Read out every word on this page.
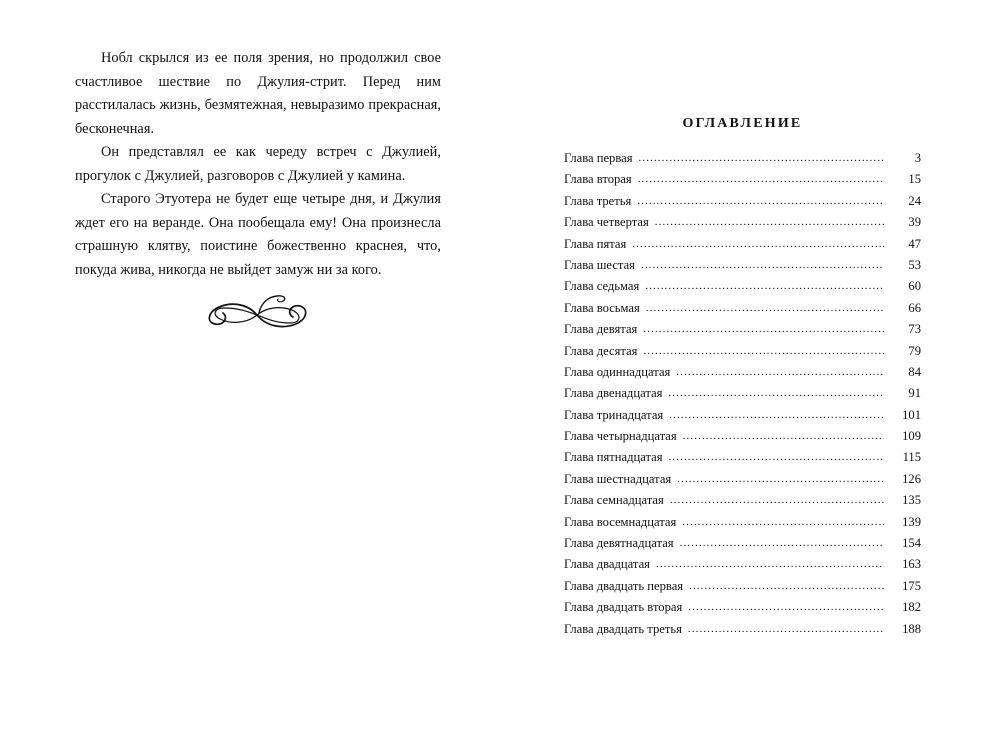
Нобл скрылся из ее поля зрения, но продолжил свое счастливое шествие по Джулия-стрит. Перед ним расстилалась жизнь, безмятежная, невыразимо прекрасная, бесконечная.

Он представлял ее как череду встреч с Джулией, прогулок с Джулией, разговоров с Джулией у камина.

Старого Этуотера не будет еще четыре дня, и Джулия ждет его на веранде. Она пообещала ему! Она произнесла страшную клятву, поистине божественно краснея, что, покуда жива, никогда не выйдет замуж ни за кого.

ОГЛАВЛЕНИЕ
Глава первая .....	3
Глава вторая .....	15
Глава третья .....	24
Глава четвертая .....	39
Глава пятая .....	47
Глава шестая .....	53
Глава седьмая .....	60
Глава восьмая .....	66
Глава девятая .....	73
Глава десятая .....	79
Глава одиннадцатая .....	84
Глава двенадцатая .....	91
Глава тринадцатая .....	101
Глава четырнадцатая .....	109
Глава пятнадцатая .....	115
Глава шестнадцатая .....	126
Глава семнадцатая .....	135
Глава восемнадцатая .....	139
Глава девятнадцатая .....	154
Глава двадцатая .....	163
Глава двадцать первая .....	175
Глава двадцать вторая .....	182
Глава двадцать третья .....	188
